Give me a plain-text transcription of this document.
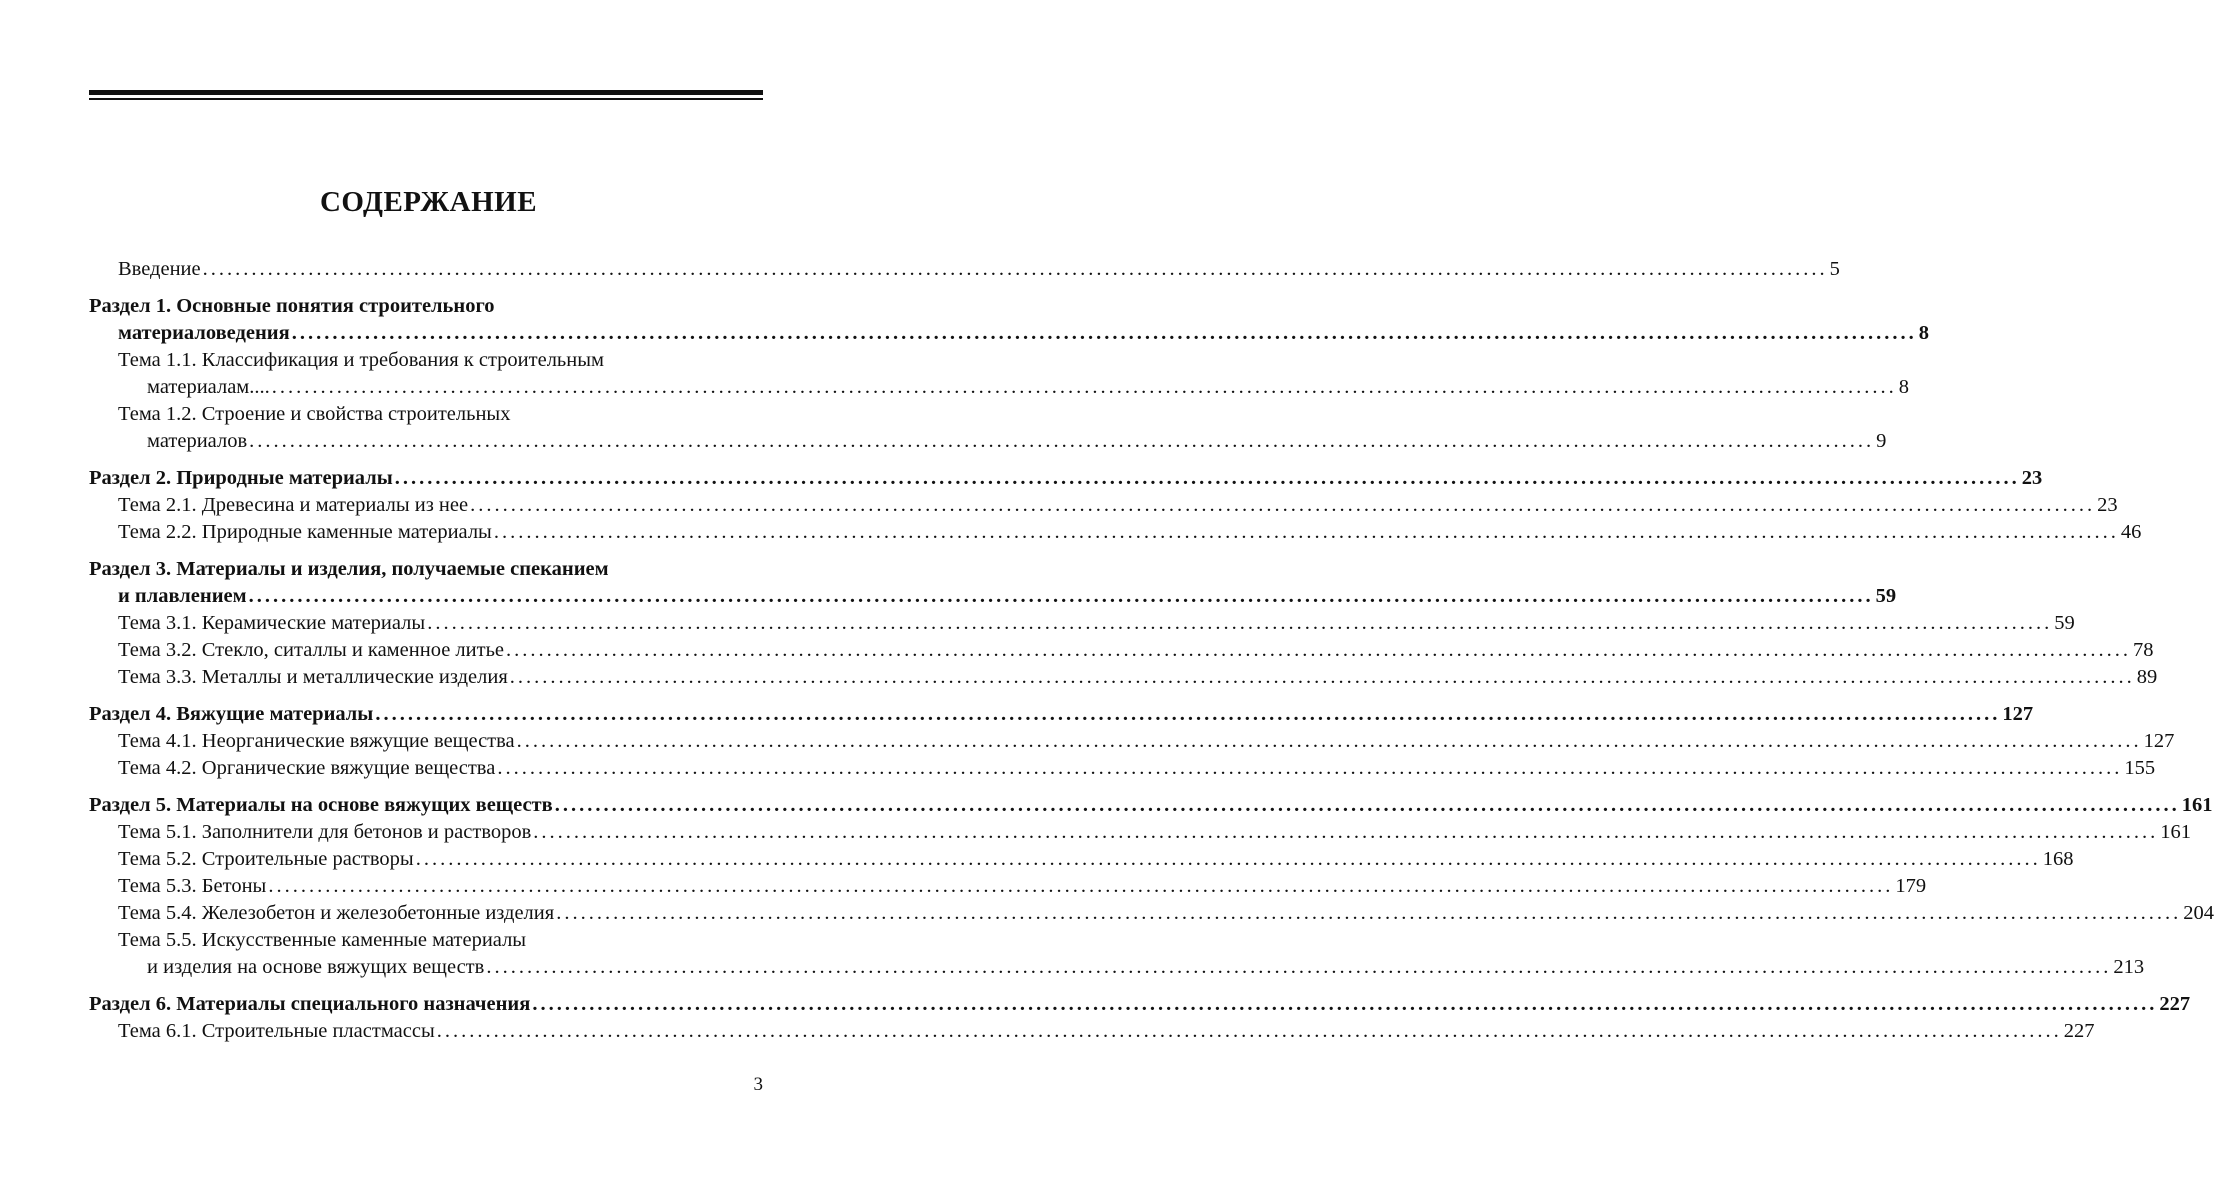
СОДЕРЖАНИЕ
Введение ........................................................................................................................................................................................................ 5
Раздел 1. Основные понятия строительного
материаловедения ........................................................................................................................................................................................................ 8
Тема 1.1. Классификация и требования к строительным
материалам.... ........................................................................................................................................................................................................ 8
Тема 1.2. Строение и свойства строительных
материалов ........................................................................................................................................................................................................ 9
Раздел 2. Природные материалы ........................................................................................................................................................................................................ 23
Тема 2.1. Древесина и материалы из нее ........................................................................................................................................................................................................ 23
Тема 2.2. Природные каменные материалы ........................................................................................................................................................................................................ 46
Раздел 3. Материалы и изделия, получаемые спеканием
и плавлением ........................................................................................................................................................................................................ 59
Тема 3.1. Керамические материалы ........................................................................................................................................................................................................ 59
Тема 3.2. Стекло, ситаллы и каменное литье ........................................................................................................................................................................................................ 78
Тема 3.3. Металлы и металлические изделия ........................................................................................................................................................................................................ 89
Раздел 4. Вяжущие материалы ........................................................................................................................................................................................................ 127
Тема 4.1. Неорганические вяжущие вещества ........................................................................................................................................................................................................ 127
Тема 4.2. Органические вяжущие вещества ........................................................................................................................................................................................................ 155
Раздел 5. Материалы на основе вяжущих веществ ........................................................................................................................................................................................................ 161
Тема 5.1. Заполнители для бетонов и растворов ........................................................................................................................................................................................................ 161
Тема 5.2. Строительные растворы ........................................................................................................................................................................................................ 168
Тема 5.3. Бетоны ........................................................................................................................................................................................................ 179
Тема 5.4. Железобетон и железобетонные изделия ........................................................................................................................................................................................................ 204
Тема 5.5. Искусственные каменные материалы
и изделия на основе вяжущих веществ ........................................................................................................................................................................................................ 213
Раздел 6. Материалы специального назначения ........................................................................................................................................................................................................ 227
Тема 6.1. Строительные пластмассы ........................................................................................................................................................................................................ 227
3
